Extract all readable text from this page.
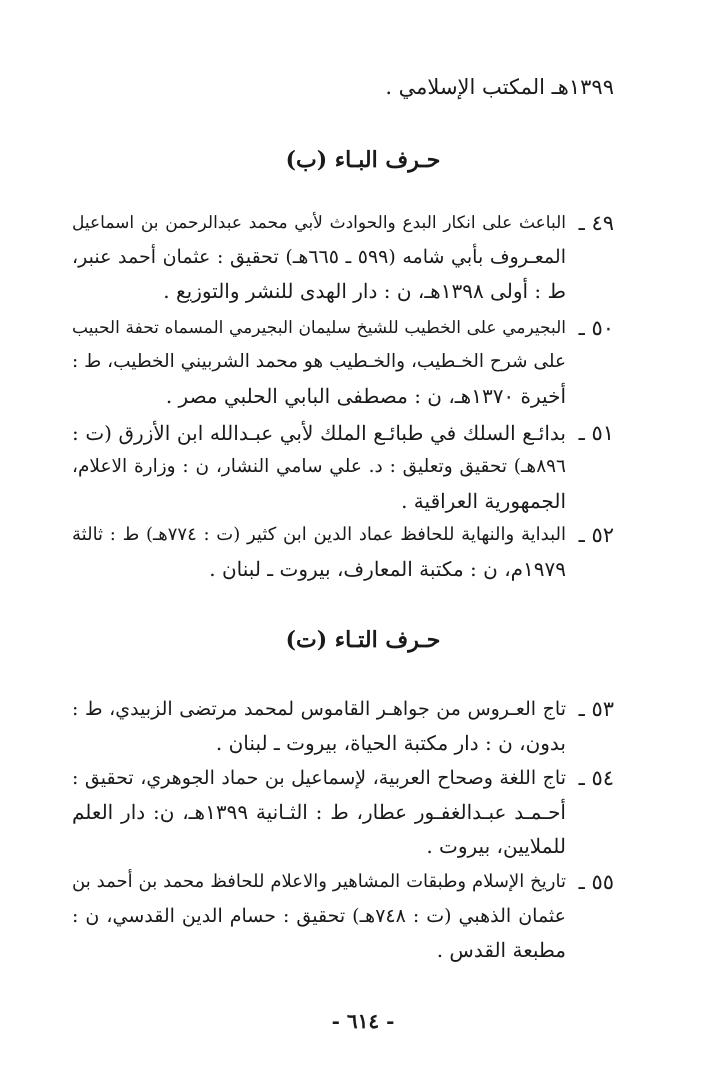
١٣٩٩هـ المكتب الإسلامي .
حـرف البـاء (ب)
٤٩ ـ
الباعث على انكار البدع والحوادث لأبي محمد عبدالرحمن بن اسماعيل
المعـروف بأبي شامه (٥٩٩ ـ ٦٦٥هـ) تحقيق : عثمان أحمد عنبر،
ط : أولى ١٣٩٨هـ، ن : دار الهدى للنشر والتوزيع .
٥٠ ـ
البجيرمي على الخطيب للشيخ سليمان البجيرمي المسماه تحفة الحبيب
على شرح الخـطيب، والخـطيب هو محمد الشربيني الخطيب، ط :
أخيرة ١٣٧٠هـ، ن : مصطفى البابي الحلبي مصر .
٥١ ـ
بدائـع السلك في طبائـع الملك لأبي عبـدالله ابن الأزرق (ت :
٨٩٦هـ) تحقيق وتعليق : د. علي سامي النشار، ن : وزارة الاعلام،
الجمهورية العراقية .
٥٢ ـ
البداية والنهاية للحافظ عماد الدين ابن كثير (ت : ٧٧٤هـ) ط : ثالثة
١٩٧٩م، ن : مكتبة المعارف، بيروت ـ لبنان .
حـرف التـاء (ت)
٥٣ ـ
تاج العـروس من جواهـر القاموس لمحمد مرتضى الزبيدي، ط :
بدون، ن : دار مكتبة الحياة، بيروت ـ لبنان .
٥٤ ـ
تاج اللغة وصحاح العربية، لإسماعيل بن حماد الجوهري، تحقيق :
أحـمـد عبـدالغفـور عطار، ط : الثـانية ١٣٩٩هـ، ن: دار العلم
للملايين، بيروت .
٥٥ ـ
تاريخ الإسلام وطبقات المشاهير والاعلام للحافظ محمد بن أحمد بن
عثمان الذهبي (ت : ٧٤٨هـ) تحقيق : حسام الدين القدسي، ن :
مطبعة القدس .
- ٦١٤ -
